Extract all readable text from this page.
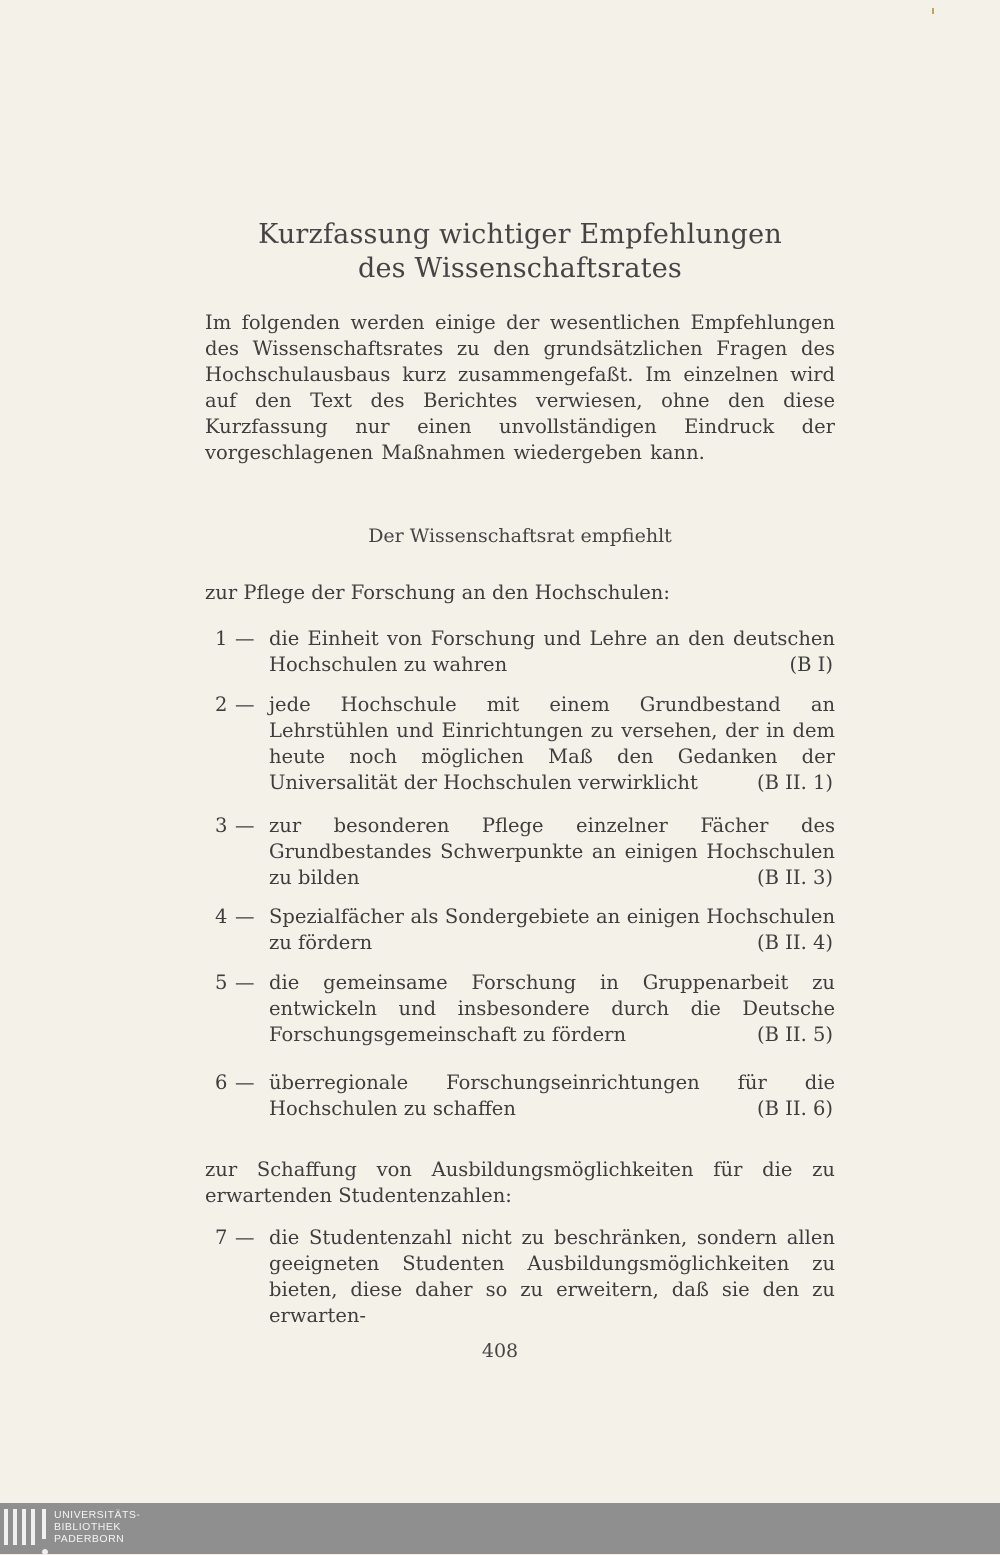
Kurzfassung wichtiger Empfehlungen
des Wissenschaftsrates
Im folgenden werden einige der wesentlichen Empfehlungen des Wissenschaftsrates zu den grundsätzlichen Fragen des Hochschulausbaus kurz zusammengefaßt. Im einzelnen wird auf den Text des Berichtes verwiesen, ohne den diese Kurzfassung nur einen unvollständigen Eindruck der vorgeschlagenen Maßnahmen wiedergeben kann.
Der Wissenschaftsrat empfiehlt
zur Pflege der Forschung an den Hochschulen:
1 — die Einheit von Forschung und Lehre an den deutschen Hochschulen zu wahren	(B I)
2 — jede Hochschule mit einem Grundbestand an Lehrstühlen und Einrichtungen zu versehen, der in dem heute noch möglichen Maß den Gedanken der Universalität der Hochschulen verwirklicht	(B II. 1)
3 — zur besonderen Pflege einzelner Fächer des Grundbestandes Schwerpunkte an einigen Hochschulen zu bilden	(B II. 3)
4 — Spezialfächer als Sondergebiete an einigen Hochschulen zu fördern	(B II. 4)
5 — die gemeinsame Forschung in Gruppenarbeit zu entwickeln und insbesondere durch die Deutsche Forschungsgemeinschaft zu fördern	(B II. 5)
6 — überregionale Forschungseinrichtungen für die Hochschulen zu schaffen	(B II. 6)
zur Schaffung von Ausbildungsmöglichkeiten für die zu erwartenden Studentenzahlen:
7 — die Studentenzahl nicht zu beschränken, sondern allen geeigneten Studenten Ausbildungsmöglichkeiten zu bieten, diese daher so zu erweitern, daß sie den zu erwarten-
408
UNIVERSITÄTS-
BIBLIOTHEK
PADERBORN
